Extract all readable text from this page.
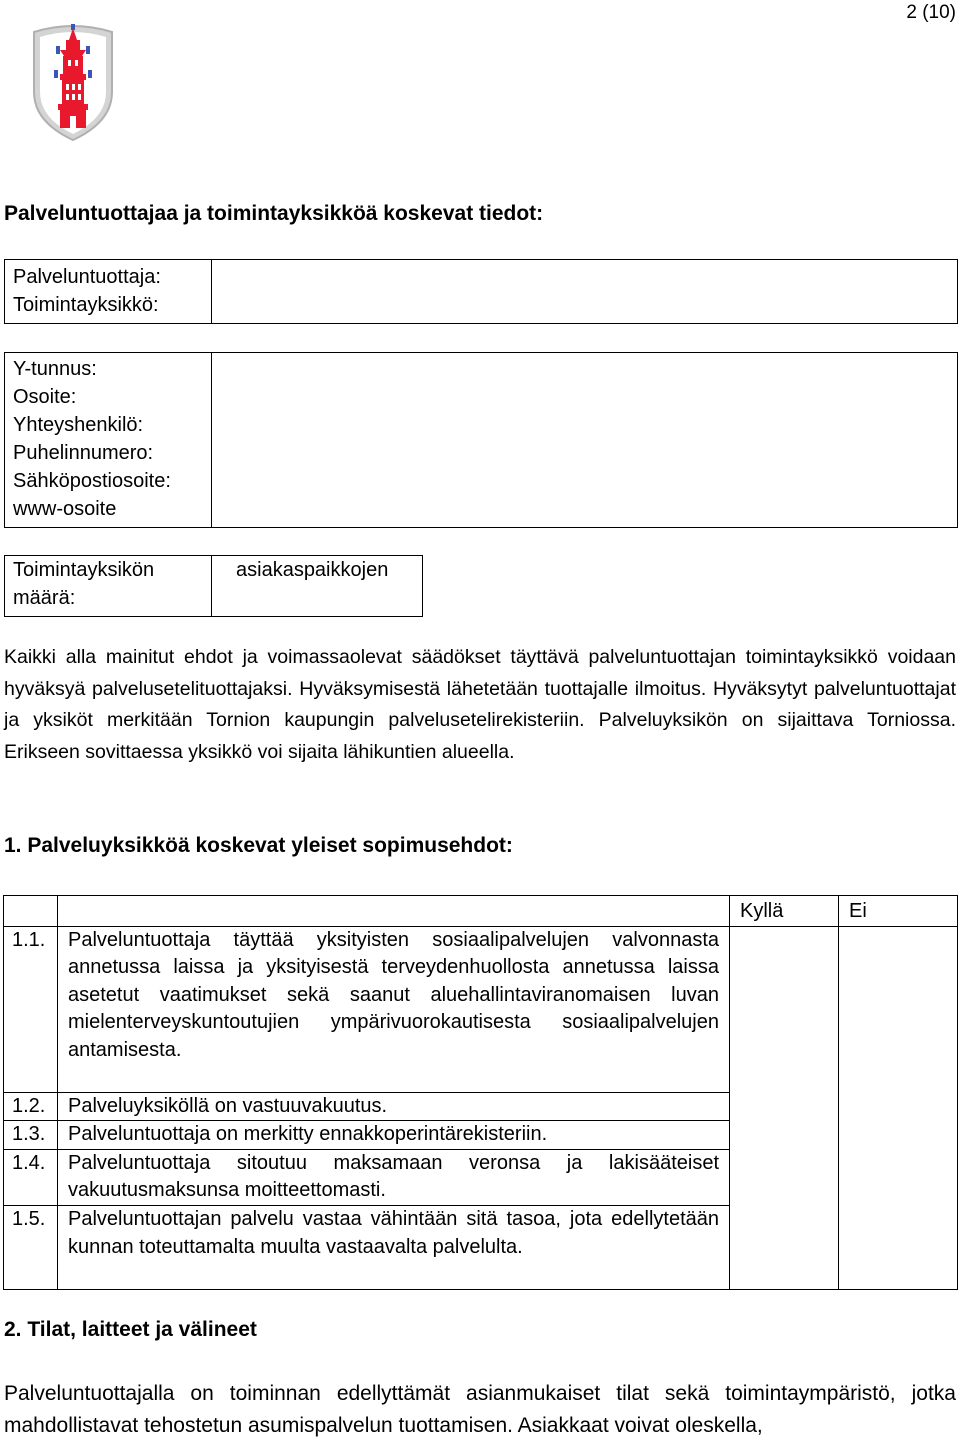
2 (10)
Palveluntuottajaa ja toimintayksikköä koskevat tiedot:
Palveluntuottaja:
Toimintayksikkö:

Y-tunnus:
Osoite:
Yhteyshenkilö:
Puhelinnumero:
Sähköpostiosoite:
www-osoite

Toimintayksikön
määrä:

asiakaspaikkojen
Kaikki alla mainitut ehdot ja voimassaolevat säädökset täyttävä palveluntuottajan toimintayksikkö voidaan hyväksyä palvelusetelituottajaksi. Hyväksymisestä lähetetään tuottajalle ilmoitus. Hyväksytyt palveluntuottajat ja yksiköt merkitään Tornion kaupungin palvelusetelirekisteriin. Palveluyksikön on sijaittava Torniossa. Erikseen sovittaessa yksikkö voi sijaita lähikuntien alueella.
1. Palveluyksikköä koskevat yleiset sopimusehdot:
		Kyllä	Ei
1.1.	Palveluntuottaja täyttää yksityisten sosiaalipalvelujen valvonnasta annetussa laissa ja yksityisestä terveydenhuollosta annetussa laissa asetetut vaatimukset sekä saanut aluehallintaviranomaisen luvan mielenterveyskuntoutujien ympärivuorokautisesta sosiaalipalvelujen antamisesta.		
1.2.	Palveluyksiköllä on vastuuvakuutus.		
1.3.	Palveluntuottaja on merkitty ennakkoperintärekisteriin.		
1.4.	Palveluntuottaja sitoutuu maksamaan veronsa ja lakisääteiset vakuutusmaksunsa moitteettomasti.		
1.5.	Palveluntuottajan palvelu vastaa vähintään sitä tasoa, jota edellytetään kunnan toteuttamalta muulta vastaavalta palvelulta.		
2. Tilat, laitteet ja välineet
Palveluntuottajalla on toiminnan edellyttämät asianmukaiset tilat sekä toimintaympäristö, jotka mahdollistavat tehostetun asumispalvelun tuottamisen. Asiakkaat voivat oleskella,
